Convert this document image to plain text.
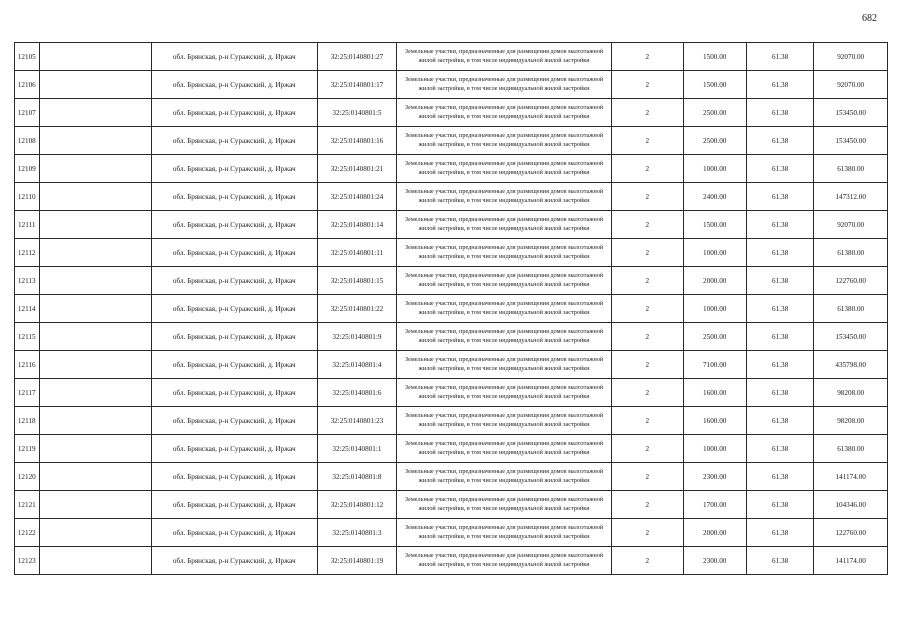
682
12105		обл. Брянская, р-н Суражский, д. Иржач	32:25:0140801:27	Земельные участки, предназначенные для размещения домов малоэтажной жилой застройки, в том числе индивидуальной жилой застройки	2	1500.00	61.38	92070.00
12106		обл. Брянская, р-н Суражский, д. Иржач	32:25:0140801:17	Земельные участки, предназначенные для размещения домов малоэтажной жилой застройки, в том числе индивидуальной жилой застройки	2	1500.00	61.38	92070.00
12107		обл. Брянская, р-н Суражский, д. Иржач	32:25:0140801:5	Земельные участки, предназначенные для размещения домов малоэтажной жилой застройки, в том числе индивидуальной жилой застройки	2	2500.00	61.38	153450.00
12108		обл. Брянская, р-н Суражский, д. Иржач	32:25:0140801:16	Земельные участки, предназначенные для размещения домов малоэтажной жилой застройки, в том числе индивидуальной жилой застройки	2	2500.00	61.38	153450.00
12109		обл. Брянская, р-н Суражский, д. Иржач	32:25:0140801:21	Земельные участки, предназначенные для размещения домов малоэтажной жилой застройки, в том числе индивидуальной жилой застройки	2	1000.00	61.38	61380.00
12110		обл. Брянская, р-н Суражский, д. Иржач	32:25:0140801:24	Земельные участки, предназначенные для размещения домов малоэтажной жилой застройки, в том числе индивидуальной жилой застройки	2	2400.00	61.38	147312.00
12111		обл. Брянская, р-н Суражский, д. Иржач	32:25:0140801:14	Земельные участки, предназначенные для размещения домов малоэтажной жилой застройки, в том числе индивидуальной жилой застройки	2	1500.00	61.38	92070.00
12112		обл. Брянская, р-н Суражский, д. Иржач	32:25:0140801:11	Земельные участки, предназначенные для размещения домов малоэтажной жилой застройки, в том числе индивидуальной жилой застройки	2	1000.00	61.38	61380.00
12113		обл. Брянская, р-н Суражский, д. Иржач	32:25:0140801:15	Земельные участки, предназначенные для размещения домов малоэтажной жилой застройки, в том числе индивидуальной жилой застройки	2	2000.00	61.38	122760.00
12114		обл. Брянская, р-н Суражский, д. Иржач	32:25:0140801:22	Земельные участки, предназначенные для размещения домов малоэтажной жилой застройки, в том числе индивидуальной жилой застройки	2	1000.00	61.38	61380.00
12115		обл. Брянская, р-н Суражский, д. Иржач	32:25:0140801:9	Земельные участки, предназначенные для размещения домов малоэтажной жилой застройки, в том числе индивидуальной жилой застройки	2	2500.00	61.38	153450.00
12116		обл. Брянская, р-н Суражский, д. Иржач	32:25:0140801:4	Земельные участки, предназначенные для размещения домов малоэтажной жилой застройки, в том числе индивидуальной жилой застройки	2	7100.00	61.38	435798.00
12117		обл. Брянская, р-н Суражский, д. Иржач	32:25:0140801:6	Земельные участки, предназначенные для размещения домов малоэтажной жилой застройки, в том числе индивидуальной жилой застройки	2	1600.00	61.38	98208.00
12118		обл. Брянская, р-н Суражский, д. Иржач	32:25:0140801:23	Земельные участки, предназначенные для размещения домов малоэтажной жилой застройки, в том числе индивидуальной жилой застройки	2	1600.00	61.38	98208.00
12119		обл. Брянская, р-н Суражский, д. Иржач	32:25:0140801:1	Земельные участки, предназначенные для размещения домов малоэтажной жилой застройки, в том числе индивидуальной жилой застройки	2	1000.00	61.38	61380.00
12120		обл. Брянская, р-н Суражский, д. Иржач	32:25:0140801:8	Земельные участки, предназначенные для размещения домов малоэтажной жилой застройки, в том числе индивидуальной жилой застройки	2	2300.00	61.38	141174.00
12121		обл. Брянская, р-н Суражский, д. Иржач	32:25:0140801:12	Земельные участки, предназначенные для размещения домов малоэтажной жилой застройки, в том числе индивидуальной жилой застройки	2	1700.00	61.38	104346.00
12122		обл. Брянская, р-н Суражский, д. Иржач	32:25:0140801:3	Земельные участки, предназначенные для размещения домов малоэтажной жилой застройки, в том числе индивидуальной жилой застройки	2	2000.00	61.38	122760.00
12123		обл. Брянская, р-н Суражский, д. Иржач	32:25:0140801:19	Земельные участки, предназначенные для размещения домов малоэтажной жилой застройки, в том числе индивидуальной жилой застройки	2	2300.00	61.38	141174.00
